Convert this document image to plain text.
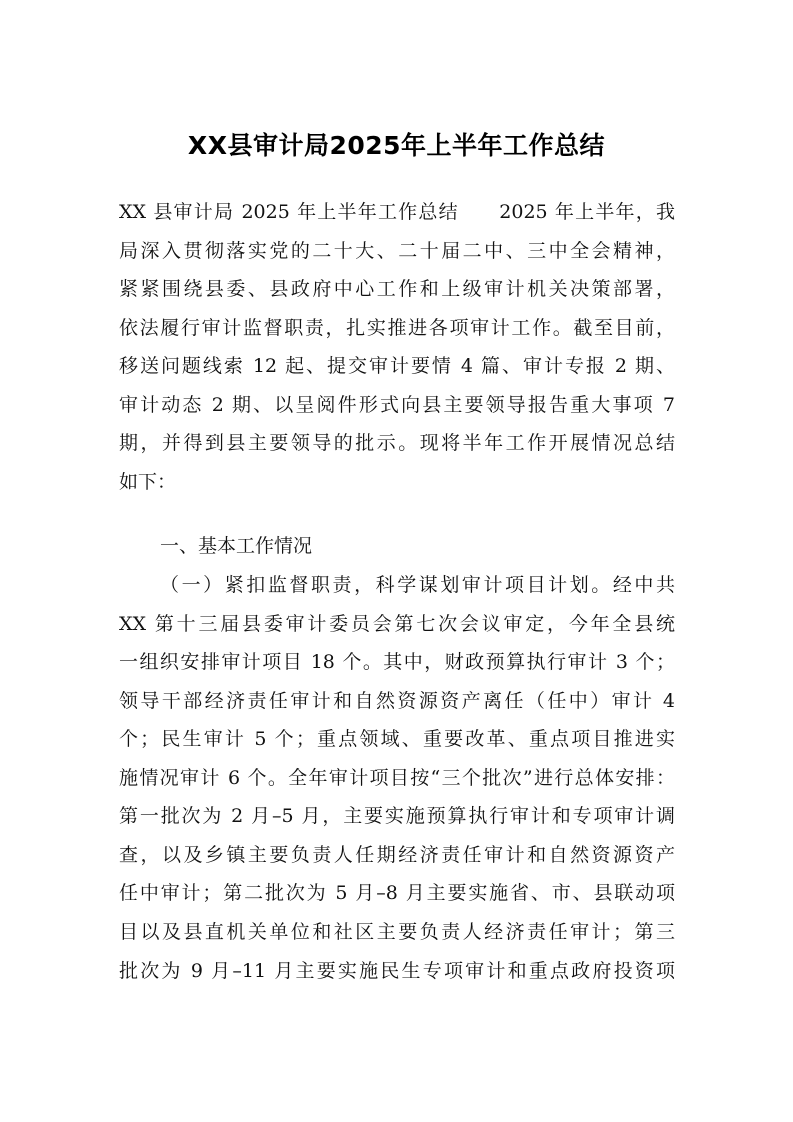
XX县审计局2025年上半年工作总结
XX 县审计局 2025 年上半年工作总结　　2025 年上半年，我
局深入贯彻落实党的二十大、二十届二中、三中全会精神，
紧紧围绕县委、县政府中心工作和上级审计机关决策部署，
依法履行审计监督职责，扎实推进各项审计工作。截至目前，
移送问题线索 12 起、提交审计要情 4 篇、审计专报 2 期、
审计动态 2 期、以呈阅件形式向县主要领导报告重大事项 7
期，并得到县主要领导的批示。现将半年工作开展情况总结
如下：
一、基本工作情况
（一）紧扣监督职责，科学谋划审计项目计划。经中共
XX 第十三届县委审计委员会第七次会议审定，今年全县统
一组织安排审计项目 18 个。其中，财政预算执行审计 3 个；
领导干部经济责任审计和自然资源资产离任（任中）审计 4
个；民生审计 5 个；重点领域、重要改革、重点项目推进实
施情况审计 6 个。全年审计项目按“三个批次”进行总体安排：
第一批次为 2 月–5 月，主要实施预算执行审计和专项审计调
查，以及乡镇主要负责人任期经济责任审计和自然资源资产
任中审计；第二批次为 5 月–8 月主要实施省、市、县联动项
目以及县直机关单位和社区主要负责人经济责任审计；第三
批次为 9 月–11 月主要实施民生专项审计和重点政府投资项
